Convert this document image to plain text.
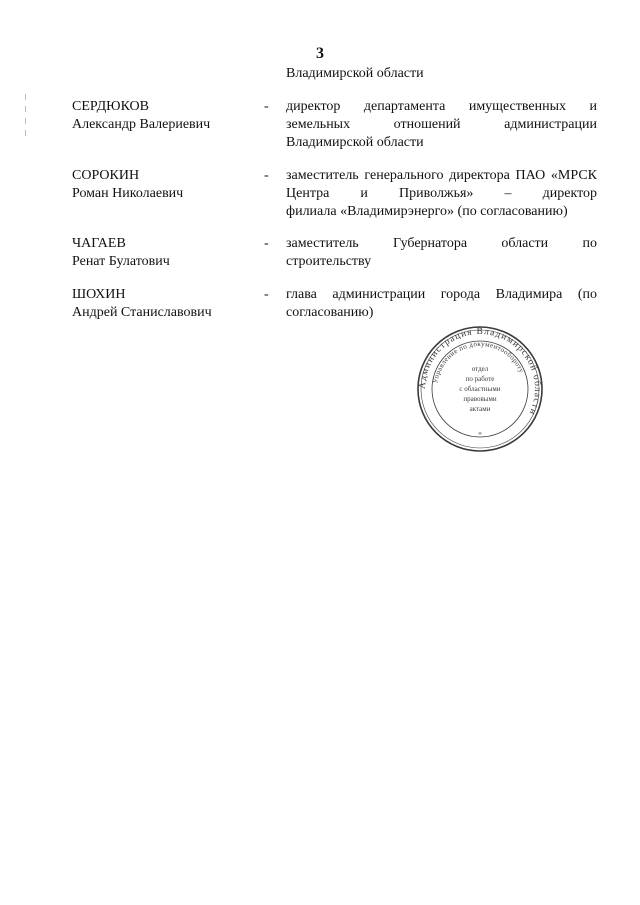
3
Владимирской области
СЕРДЮКОВ
Александр Валериевич
- директор департамента имущественных и земельных отношений администрации
Владимирской области
СОРОКИН
Роман Николаевич
- заместитель генерального директора ПАО «МРСК Центра и Приволжья» – директор
филиала «Владимирэнерго» (по согласованию)
ЧАГАЕВ
Ренат Булатович
- заместитель Губернатора области по
строительству
ШОХИН
Андрей Станиславович
- глава администрации города Владимира (по
согласованию)
Администрация Владимирской области
Управление по документообороту
отдел
по работе
с областными
правовыми
актами
*
